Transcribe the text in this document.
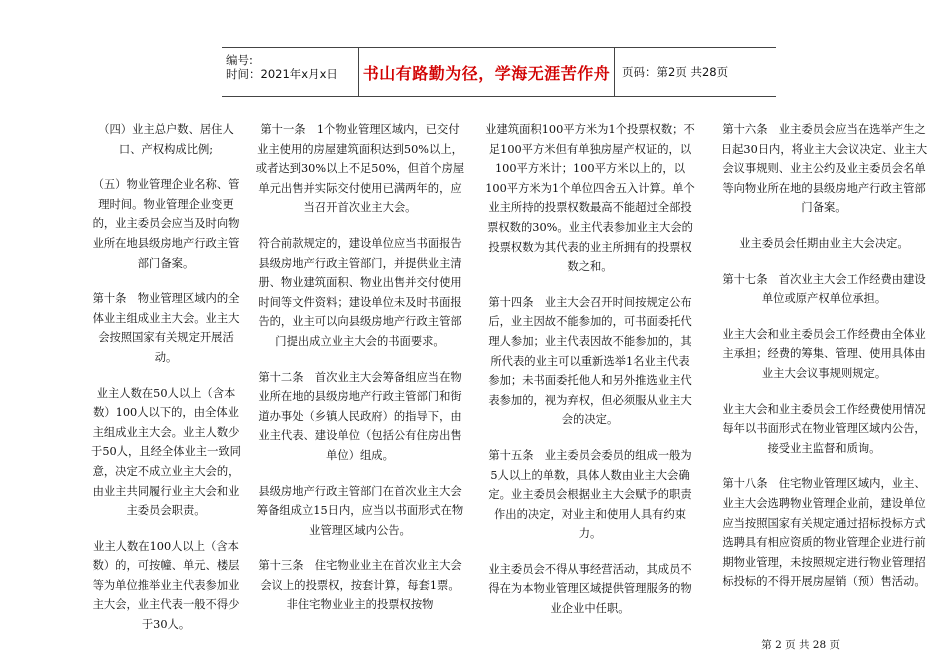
编号:
时间：2021年x月x日	书山有路勤为径，学海无涯苦作舟	页码：第2页 共28页

（四）业主总户数、居住人口、产权构成比例;

（五）物业管理企业名称、管理时间。物业管理企业变更的，业主委员会应当及时向物业所在地县级房地产行政主管部门备案。

第十条　物业管理区域内的全体业主组成业主大会。业主大会按照国家有关规定开展活动。

业主人数在50人以上（含本数）100人以下的，由全体业主组成业主大会。业主人数少于50人，且经全体业主一致同意，决定不成立业主大会的，由业主共同履行业主大会和业主委员会职责。

业主人数在100人以上（含本数）的，可按幢、单元、楼层等为单位推举业主代表参加业主大会，业主代表一般不得少于30人。

第十一条　1个物业管理区域内，已交付业主使用的房屋建筑面积达到50%以上，或者达到30%以上不足50%，但首个房屋单元出售并实际交付使用已满两年的，应当召开首次业主大会。

符合前款规定的，建设单位应当书面报告县级房地产行政主管部门，并提供业主清册、物业建筑面积、物业出售并交付使用时间等文件资料；建设单位未及时书面报告的，业主可以向县级房地产行政主管部门提出成立业主大会的书面要求。

第十二条　首次业主大会筹备组应当在物业所在地的县级房地产行政主管部门和街道办事处（乡镇人民政府）的指导下，由业主代表、建设单位（包括公有住房出售单位）组成。

县级房地产行政主管部门在首次业主大会筹备组成立15日内，应当以书面形式在物业管理区域内公告。

第十三条　住宅物业业主在首次业主大会会议上的投票权，按套计算，每套1票。非住宅物业业主的投票权按物

业建筑面积100平方米为1个投票权数；不足100平方米但有单独房屋产权证的，以100平方米计；100平方米以上的，以100平方米为1个单位四舍五入计算。单个业主所持的投票权数最高不能超过全部投票权数的30%。业主代表参加业主大会的投票权数为其代表的业主所拥有的投票权数之和。

第十四条　业主大会召开时间按规定公布后，业主因故不能参加的，可书面委托代理人参加；业主代表因故不能参加的，其所代表的业主可以重新选举1名业主代表参加；未书面委托他人和另外推选业主代表参加的，视为弃权，但必须服从业主大会的决定。

第十五条　业主委员会委员的组成一般为5人以上的单数，具体人数由业主大会确定。业主委员会根据业主大会赋予的职责作出的决定，对业主和使用人具有约束力。

业主委员会不得从事经营活动，其成员不得在为本物业管理区域提供管理服务的物业企业中任职。

第十六条　业主委员会应当在选举产生之日起30日内，将业主大会议决定、业主大会议事规则、业主公约及业主委员会名单等向物业所在地的县级房地产行政主管部门备案。

业主委员会任期由业主大会决定。

第十七条　首次业主大会工作经费由建设单位或原产权单位承担。

业主大会和业主委员会工作经费由全体业主承担；经费的筹集、管理、使用具体由业主大会议事规则规定。

业主大会和业主委员会工作经费使用情况每年以书面形式在物业管理区域内公告，接受业主监督和质询。

第十八条　住宅物业管理区域内，业主、业主大会选聘物业管理企业前，建设单位应当按照国家有关规定通过招标投标方式选聘具有相应资质的物业管理企业进行前期物业管理，未按照规定进行物业管理招标投标的不得开展房屋销（预）售活动。

第 2 页 共 28 页
